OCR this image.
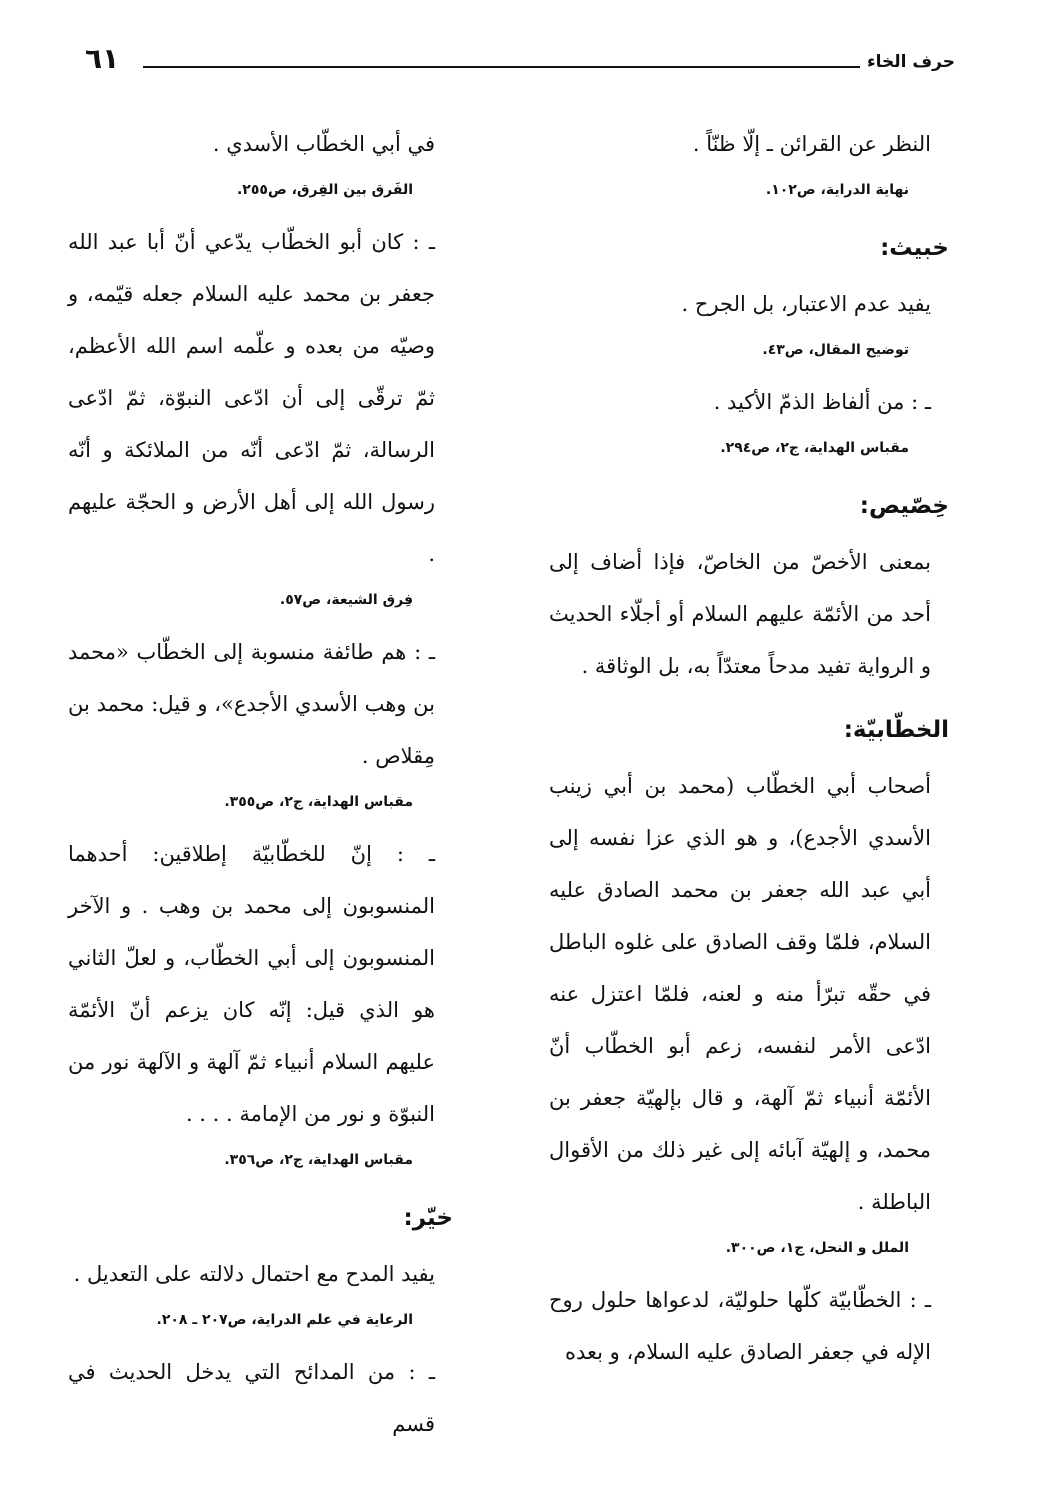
حرف الخاء
٦١
النظر عن القرائن ـ إلّا ظنّاً .
نهاية الدراية، ص١٠٢.
خبيث:
يفيد عدم الاعتبار، بل الجرح .
توضيح المقال، ص٤٣.
ـ : من ألفاظ الذمّ الأكيد .
مقباس الهداية، ج٢، ص٢٩٤.
خِصّيص:
بمعنى الأخصّ من الخاصّ، فإذا أضاف إلى أحد من الأئمّة عليهم السلام أو أجلّاء الحديث و الرواية تفيد مدحاً معتدّاً به، بل الوثاقة .
الخطّابيّة:
أصحاب أبي الخطّاب (محمد بن أبي زينب الأسدي الأجدع)، و هو الذي عزا نفسه إلى أبي عبد الله جعفر بن محمد الصادق عليه السلام، فلمّا وقف الصادق على غلوه الباطل في حقّه تبرّأ منه و لعنه، فلمّا اعتزل عنه ادّعى الأمر لنفسه، زعم أبو الخطّاب أنّ الأئمّة أنبياء ثمّ آلهة، و قال بإلهيّة جعفر بن محمد، و إلهيّة آبائه إلى غير ذلك من الأقوال الباطلة .
الملل و النحل، ج١، ص٣٠٠.
ـ : الخطّابيّة كلّها حلوليّة، لدعواها حلول روح الإله في جعفر الصادق عليه السلام، و بعده
في أبي الخطّاب الأسدي .
الفَرق بين الفِرق، ص٢٥٥.
ـ : كان أبو الخطّاب يدّعي أنّ أبا عبد الله جعفر بن محمد عليه السلام جعله قيّمه، و وصيّه من بعده و علّمه اسم الله الأعظم، ثمّ ترقّى إلى أن ادّعى النبوّة، ثمّ ادّعى الرسالة، ثمّ ادّعى أنّه من الملائكة و أنّه رسول الله إلى أهل الأرض و الحجّة عليهم .
فِرق الشيعة، ص٥٧.
ـ : هم طائفة منسوبة إلى الخطّاب «محمد بن وهب الأسدي الأجدع»، و قيل: محمد بن مِقلاص .
مقباس الهداية، ج٢، ص٣٥٥.
ـ : إنّ للخطّابيّة إطلاقين: أحدهما المنسوبون إلى محمد بن وهب . و الآخر المنسوبون إلى أبي الخطّاب، و لعلّ الثاني هو الذي قيل: إنّه كان يزعم أنّ الأئمّة عليهم السلام أنبياء ثمّ آلهة و الآلهة نور من النبوّة و نور من الإمامة . . . .
مقباس الهداية، ج٢، ص٣٥٦.
خيّر:
يفيد المدح مع احتمال دلالته على التعديل .
الرعاية في علم الدراية، ص٢٠٧ ـ ٢٠٨.
ـ : من المدائح التي يدخل الحديث في قسم
